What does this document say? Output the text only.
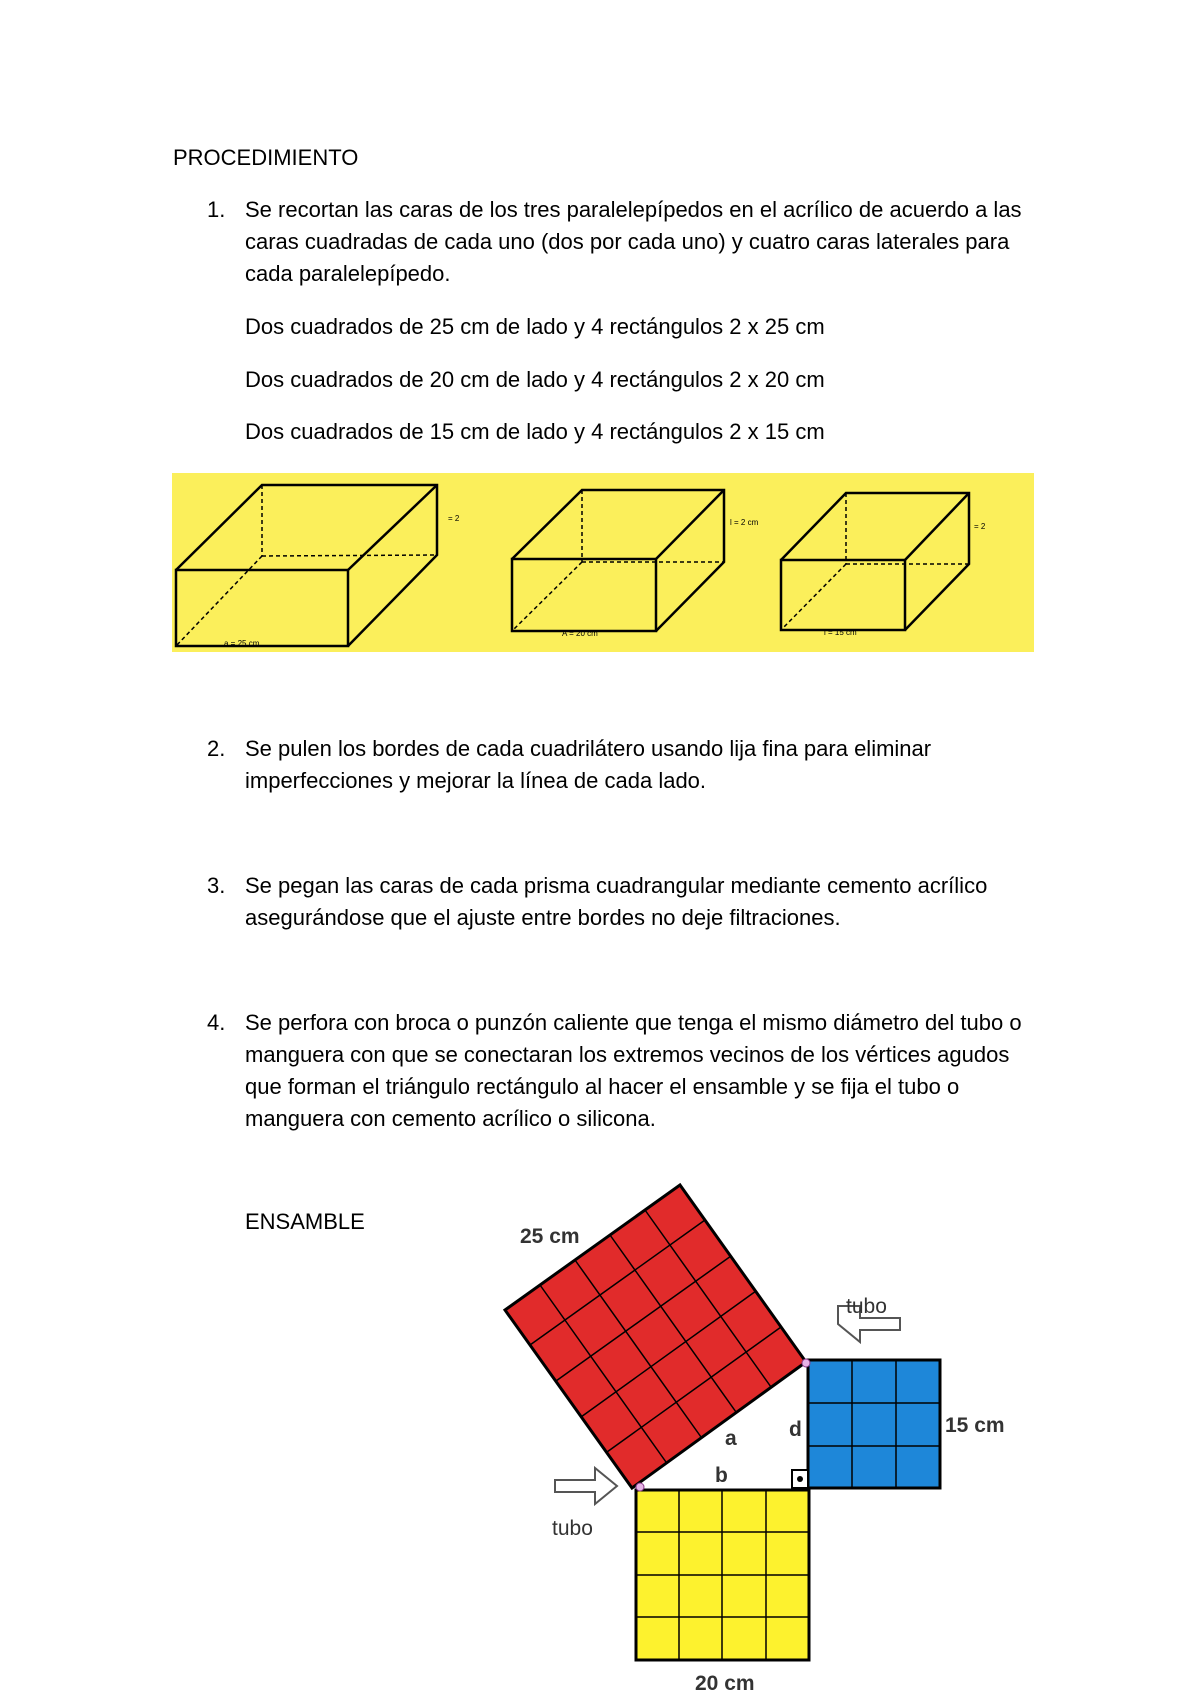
PROCEDIMIENTO
1. Se recortan las caras de los tres paralelepípedos en el acrílico de acuerdo a las caras cuadradas de cada uno (dos por cada uno) y cuatro caras laterales para cada paralelepípedo.

Dos cuadrados de 25 cm de lado y 4 rectángulos 2 x 25 cm
Dos cuadrados de 20 cm de lado y 4 rectángulos 2 x 20 cm
Dos cuadrados de 15 cm de lado y 4 rectángulos 2 x 15 cm
a = 25 cm
A = 20 cm	l = 15 cm
= 2	l = 2 cm	= 2
2. Se pulen los bordes de cada cuadrilátero usando lija fina para eliminar imperfecciones y mejorar la línea de cada lado.

3. Se pegan las caras de cada prisma cuadrangular mediante cemento acrílico asegurándose que el ajuste entre bordes no deje filtraciones.

4. Se perfora con broca o punzón caliente que tenga el mismo diámetro del tubo o manguera con que se conectaran los extremos vecinos de los vértices agudos que forman el triángulo rectángulo al hacer el ensamble y se fija el tubo o manguera con cemento acrílico o silicona.

ENSAMBLE
25 cm
15 cm
20 cm
tubo
tubo
a
b
d
